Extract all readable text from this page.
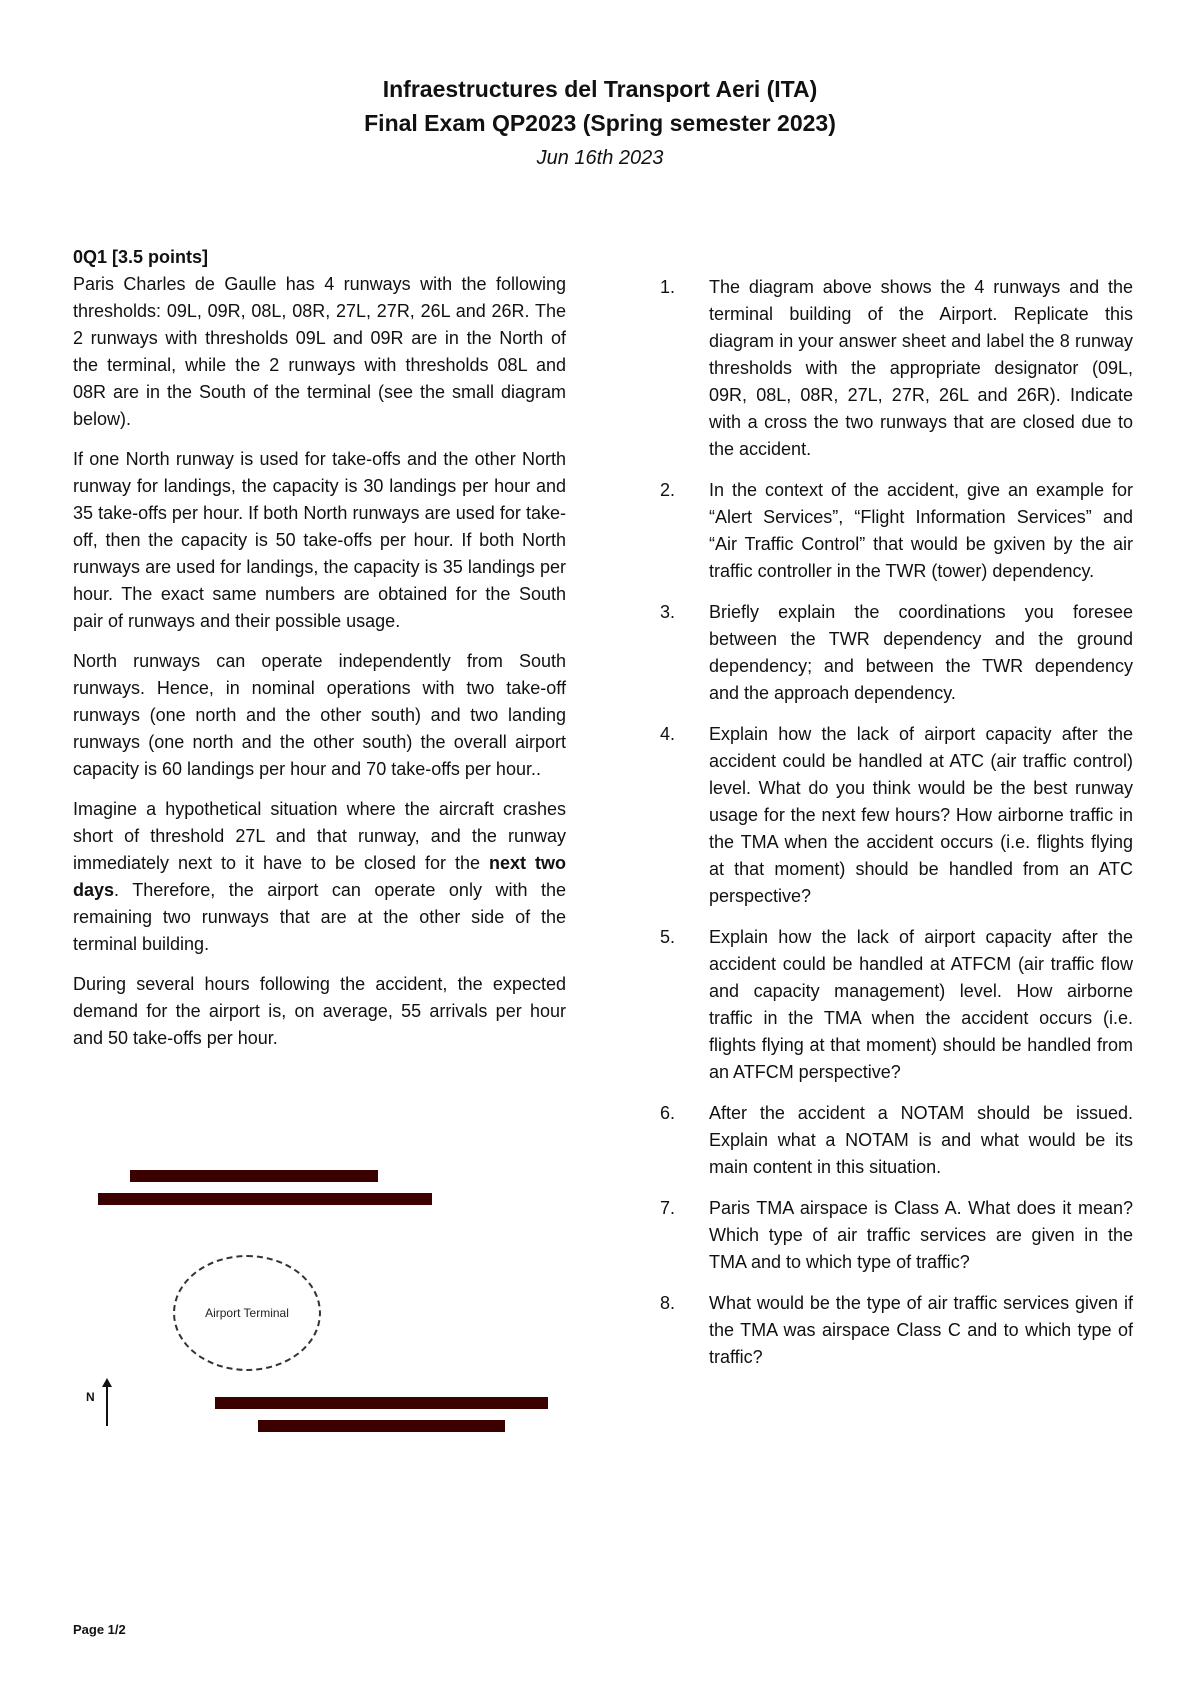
Infraestructures del Transport Aeri (ITA)
Final Exam QP2023 (Spring semester 2023)
Jun 16th 2023

0Q1 [3.5 points]

Paris Charles de Gaulle has 4 runways with the following thresholds: 09L, 09R, 08L, 08R, 27L, 27R, 26L and 26R. The 2 runways with thresholds 09L and 09R are in the North of the terminal, while the 2 runways with thresholds 08L and 08R are in the South of the terminal (see the small diagram below).

If one North runway is used for take-offs and the other North runway for landings, the capacity is 30 landings per hour and 35 take-offs per hour. If both North runways are used for take-off, then the capacity is 50 take-offs per hour. If both North runways are used for landings, the capacity is 35 landings per hour. The exact same numbers are obtained for the South pair of runways and their possible usage.

North runways can operate independently from South runways. Hence, in nominal operations with two take-off runways (one north and the other south) and two landing runways (one north and the other south) the overall airport capacity is 60 landings per hour and 70 take-offs per hour..

Imagine a hypothetical situation where the aircraft crashes short of threshold 27L and that runway, and the runway immediately next to it have to be closed for the next two days. Therefore, the airport can operate only with the remaining two runways that are at the other side of the terminal building.

During several hours following the accident, the expected demand for the airport is, on average, 55 arrivals per hour and 50 take-offs per hour.

Airport Terminal
N
1. The diagram above shows the 4 runways and the terminal building of the Airport. Replicate this diagram in your answer sheet and label the 8 runway thresholds with the appropriate designator (09L, 09R, 08L, 08R, 27L, 27R, 26L and 26R). Indicate with a cross the two runways that are closed due to the accident.
2. In the context of the accident, give an example for “Alert Services”, “Flight Information Services” and “Air Traffic Control” that would be gxiven by the air traffic controller in the TWR (tower) dependency.
3. Briefly explain the coordinations you foresee between the TWR dependency and the ground dependency; and between the TWR dependency and the approach dependency.
4. Explain how the lack of airport capacity after the accident could be handled at ATC (air traffic control) level. What do you think would be the best runway usage for the next few hours? How airborne traffic in the TMA when the accident occurs (i.e. flights flying at that moment) should be handled from an ATC perspective?
5. Explain how the lack of airport capacity after the accident could be handled at ATFCM (air traffic flow and capacity management) level. How airborne traffic in the TMA when the accident occurs (i.e. flights flying at that moment) should be handled from an ATFCM perspective?
6. After the accident a NOTAM should be issued. Explain what a NOTAM is and what would be its main content in this situation.
7. Paris TMA airspace is Class A. What does it mean? Which type of air traffic services are given in the TMA and to which type of traffic?
8. What would be the type of air traffic services given if the TMA was airspace Class C and to which type of traffic?
Page 1/2
